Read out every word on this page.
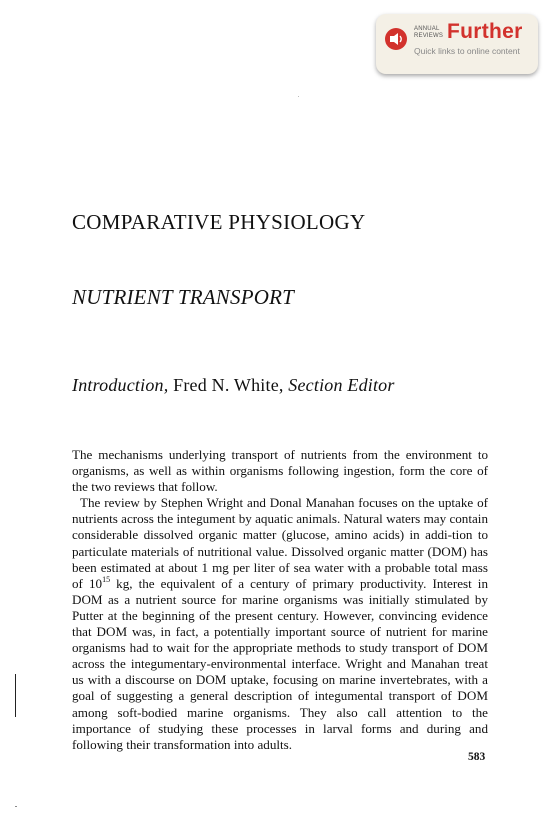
ANNUAL
REVIEWS Further
Quick links to online content
COMPARATIVE PHYSIOLOGY
NUTRIENT TRANSPORT
Introduction, Fred N. White, Section Editor

The mechanisms underlying transport of nutrients from the environment to organisms, as well as within organisms following ingestion, form the core of the two reviews that follow.

The review by Stephen Wright and Donal Manahan focuses on the uptake of nutrients across the integument by aquatic animals. Natural waters may contain considerable dissolved organic matter (glucose, amino acids) in addi-tion to particulate materials of nutritional value. Dissolved organic matter (DOM) has been estimated at about 1 mg per liter of sea water with a probable total mass of $10^{15}$ kg, the equivalent of a century of primary productivity. Interest in DOM as a nutrient source for marine organisms was initially stimulated by Putter at the beginning of the present century. However, convincing evidence that DOM was, in fact, a potentially important source of nutrient for marine organisms had to wait for the appropriate methods to study transport of DOM across the integumentary-environmental interface. Wright and Manahan treat us with a discourse on DOM uptake, focusing on marine invertebrates, with a goal of suggesting a general description of integumental transport of DOM among soft-bodied marine organisms. They also call attention to the importance of studying these processes in larval forms and during and following their transformation into adults.

583
